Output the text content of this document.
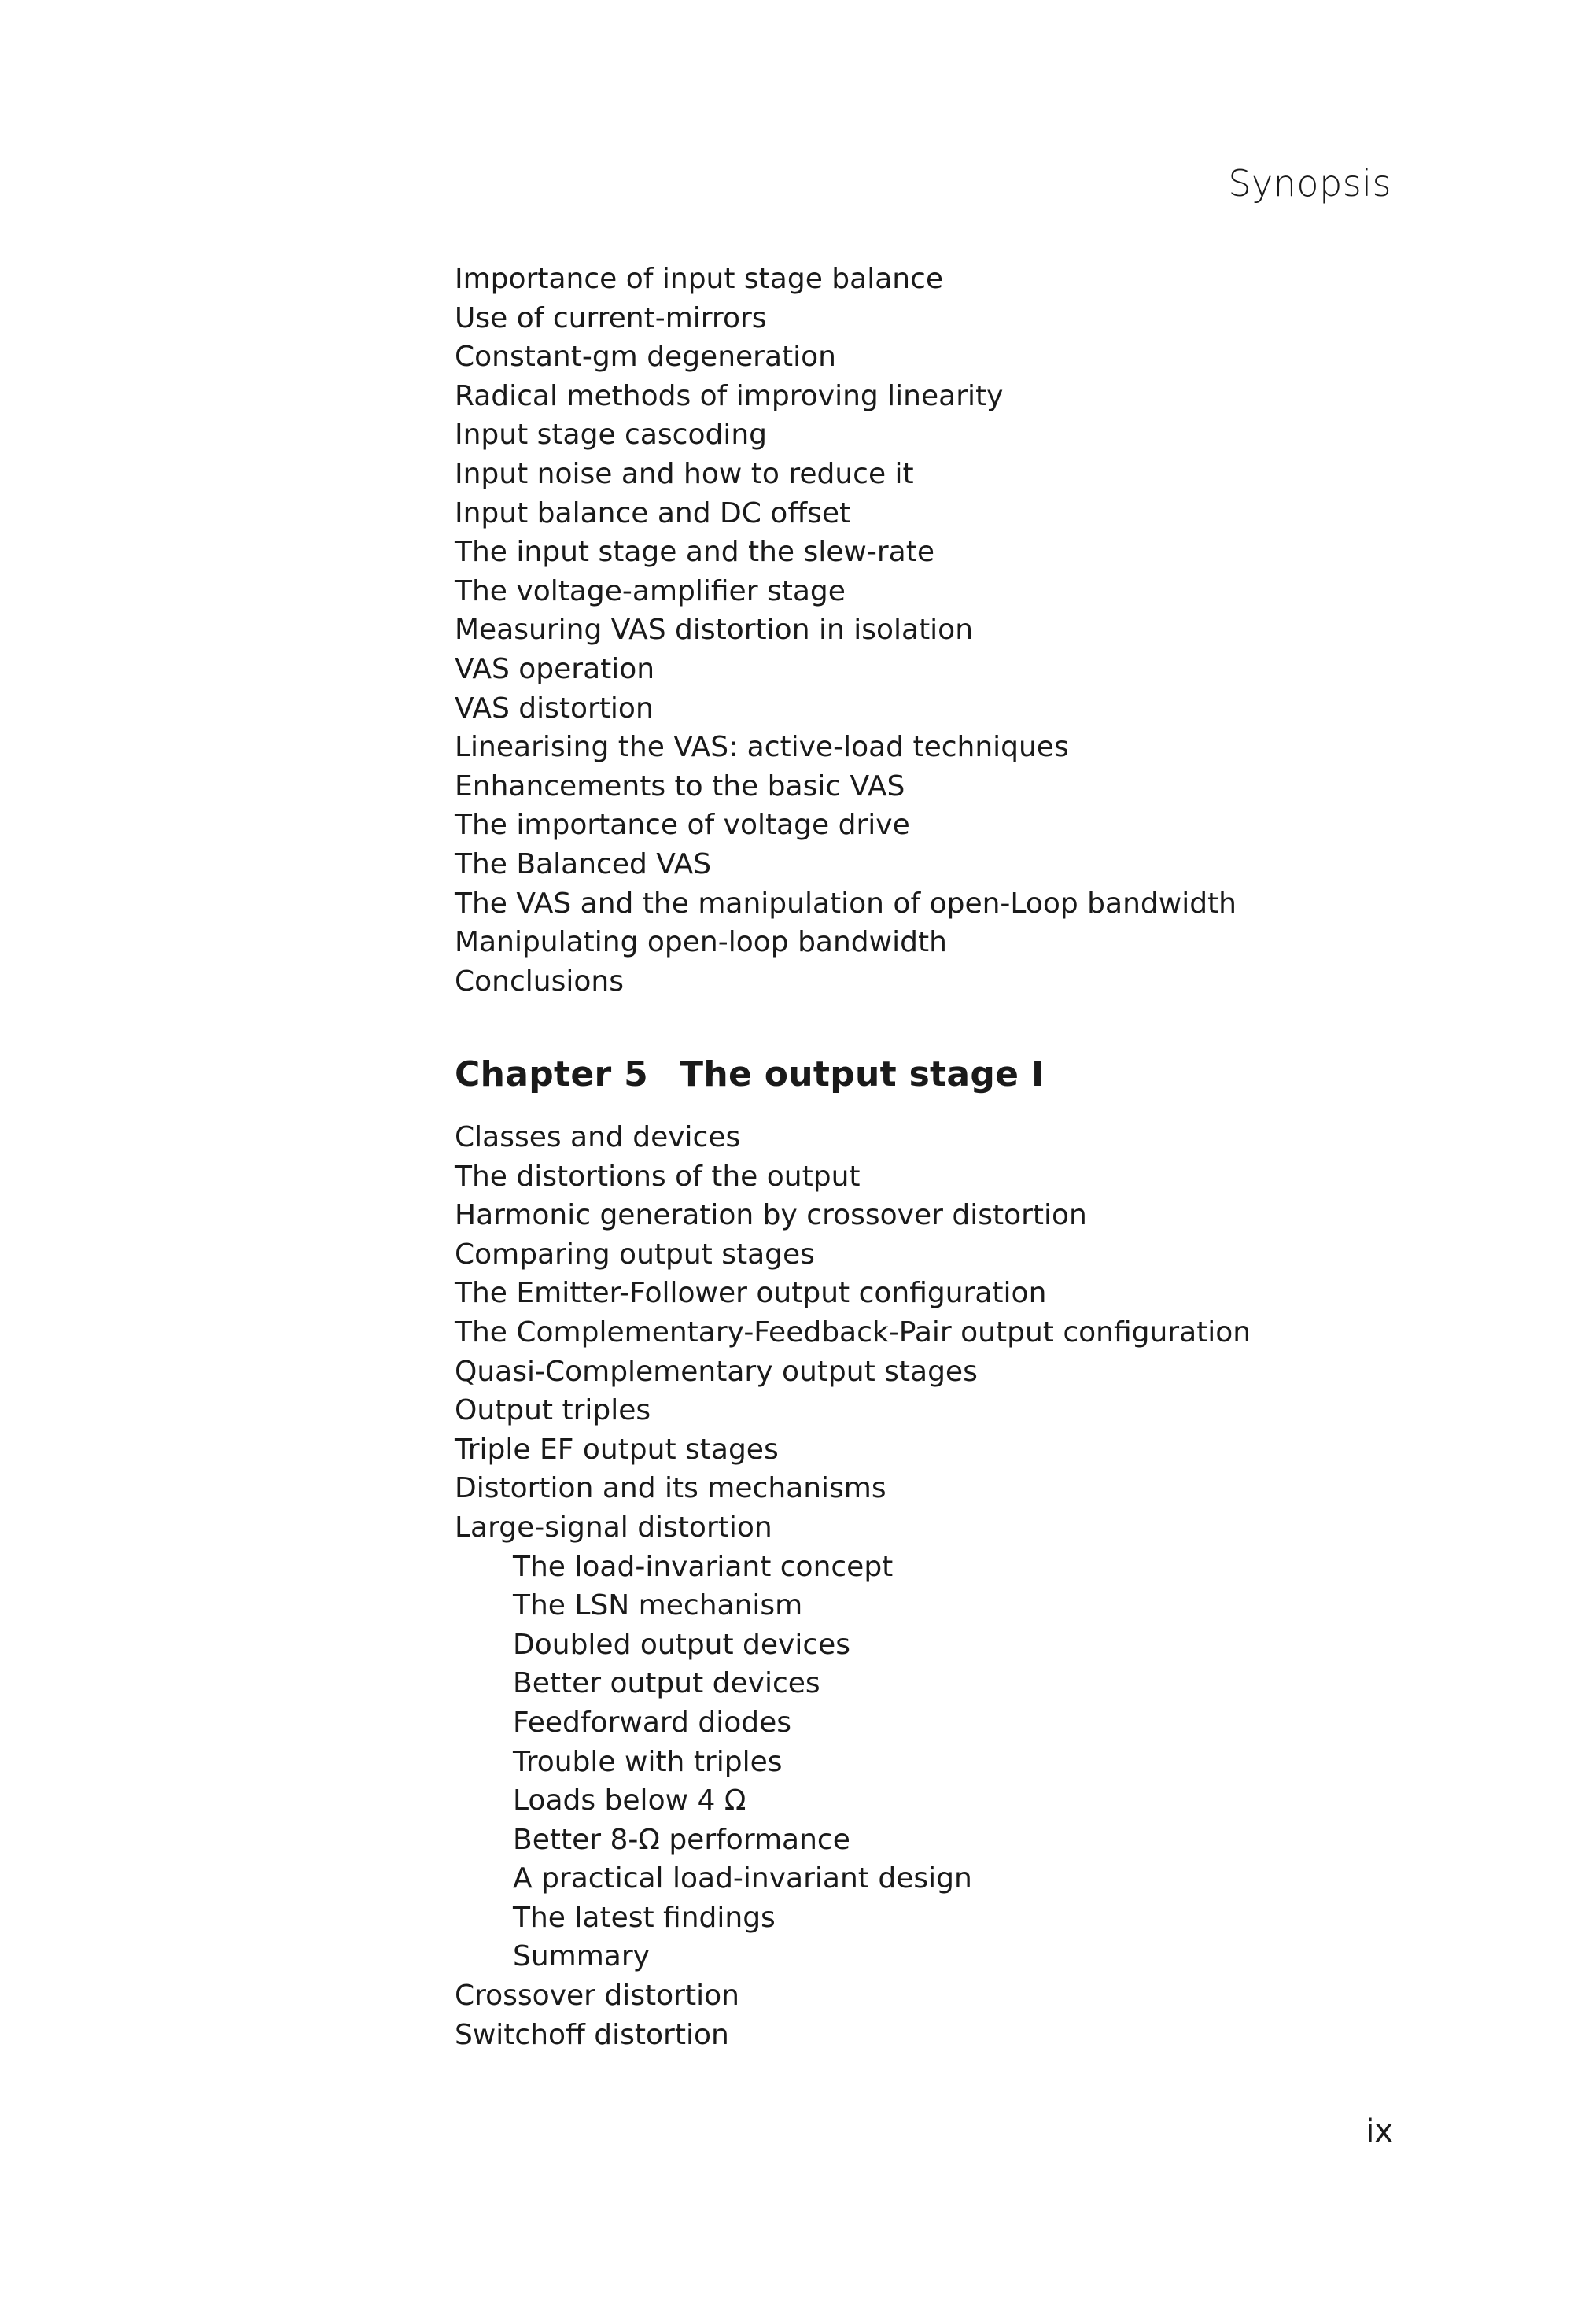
Synopsis
Importance of input stage balance
Use of current-mirrors
Constant-gm degeneration
Radical methods of improving linearity
Input stage cascoding
Input noise and how to reduce it
Input balance and DC offset
The input stage and the slew-rate
The voltage-amplifier stage
Measuring VAS distortion in isolation
VAS operation
VAS distortion
Linearising the VAS: active-load techniques
Enhancements to the basic VAS
The importance of voltage drive
The Balanced VAS
The VAS and the manipulation of open-Loop bandwidth
Manipulating open-loop bandwidth
Conclusions
Chapter 5 The output stage I
Classes and devices
The distortions of the output
Harmonic generation by crossover distortion
Comparing output stages
The Emitter-Follower output configuration
The Complementary-Feedback-Pair output configuration
Quasi-Complementary output stages
Output triples
Triple EF output stages
Distortion and its mechanisms
Large-signal distortion
The load-invariant concept
The LSN mechanism
Doubled output devices
Better output devices
Feedforward diodes
Trouble with triples
Loads below 4 Ω
Better 8-Ω performance
A practical load-invariant design
The latest findings
Summary
Crossover distortion
Switchoff distortion
ix
